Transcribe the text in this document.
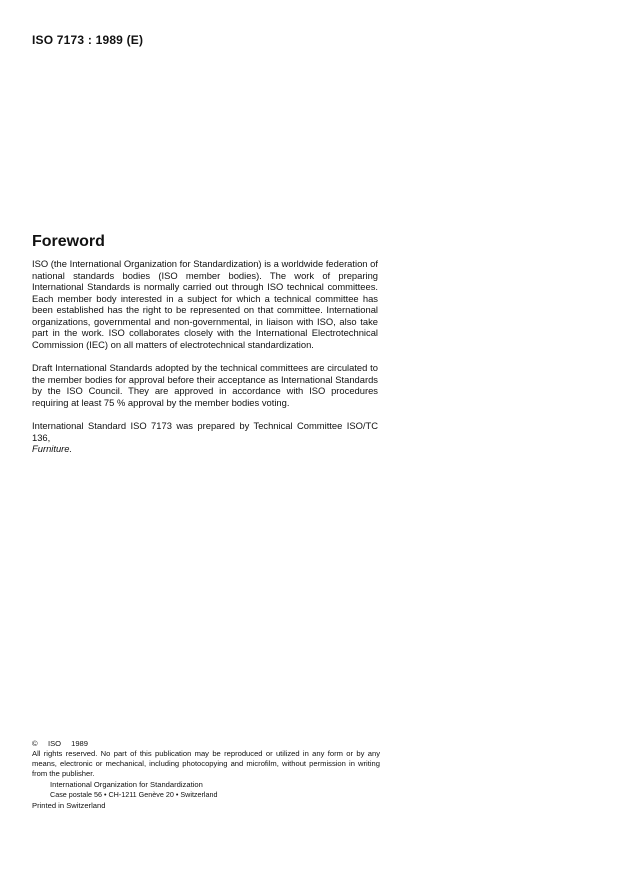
ISO 7173 : 1989 (E)
Foreword

ISO (the International Organization for Standardization) is a worldwide federation of national standards bodies (ISO member bodies). The work of preparing International Standards is normally carried out through ISO technical committees. Each member body interested in a subject for which a technical committee has been established has the right to be represented on that committee. International organizations, governmental and non-governmental, in liaison with ISO, also take part in the work. ISO collaborates closely with the International Electrotechnical Commission (IEC) on all matters of electrotechnical standardization.

Draft International Standards adopted by the technical committees are circulated to the member bodies for approval before their acceptance as International Standards by the ISO Council. They are approved in accordance with ISO procedures requiring at least 75 % approval by the member bodies voting.

International Standard ISO 7173 was prepared by Technical Committee ISO/TC 136,
Furniture.

© ISO 1989
All rights reserved. No part of this publication may be reproduced or utilized in any form or by any means, electronic or mechanical, including photocopying and microfilm, without permission in writing from the publisher.
International Organization for Standardization
Case postale 56 • CH-1211 Genève 20 • Switzerland
Printed in Switzerland
